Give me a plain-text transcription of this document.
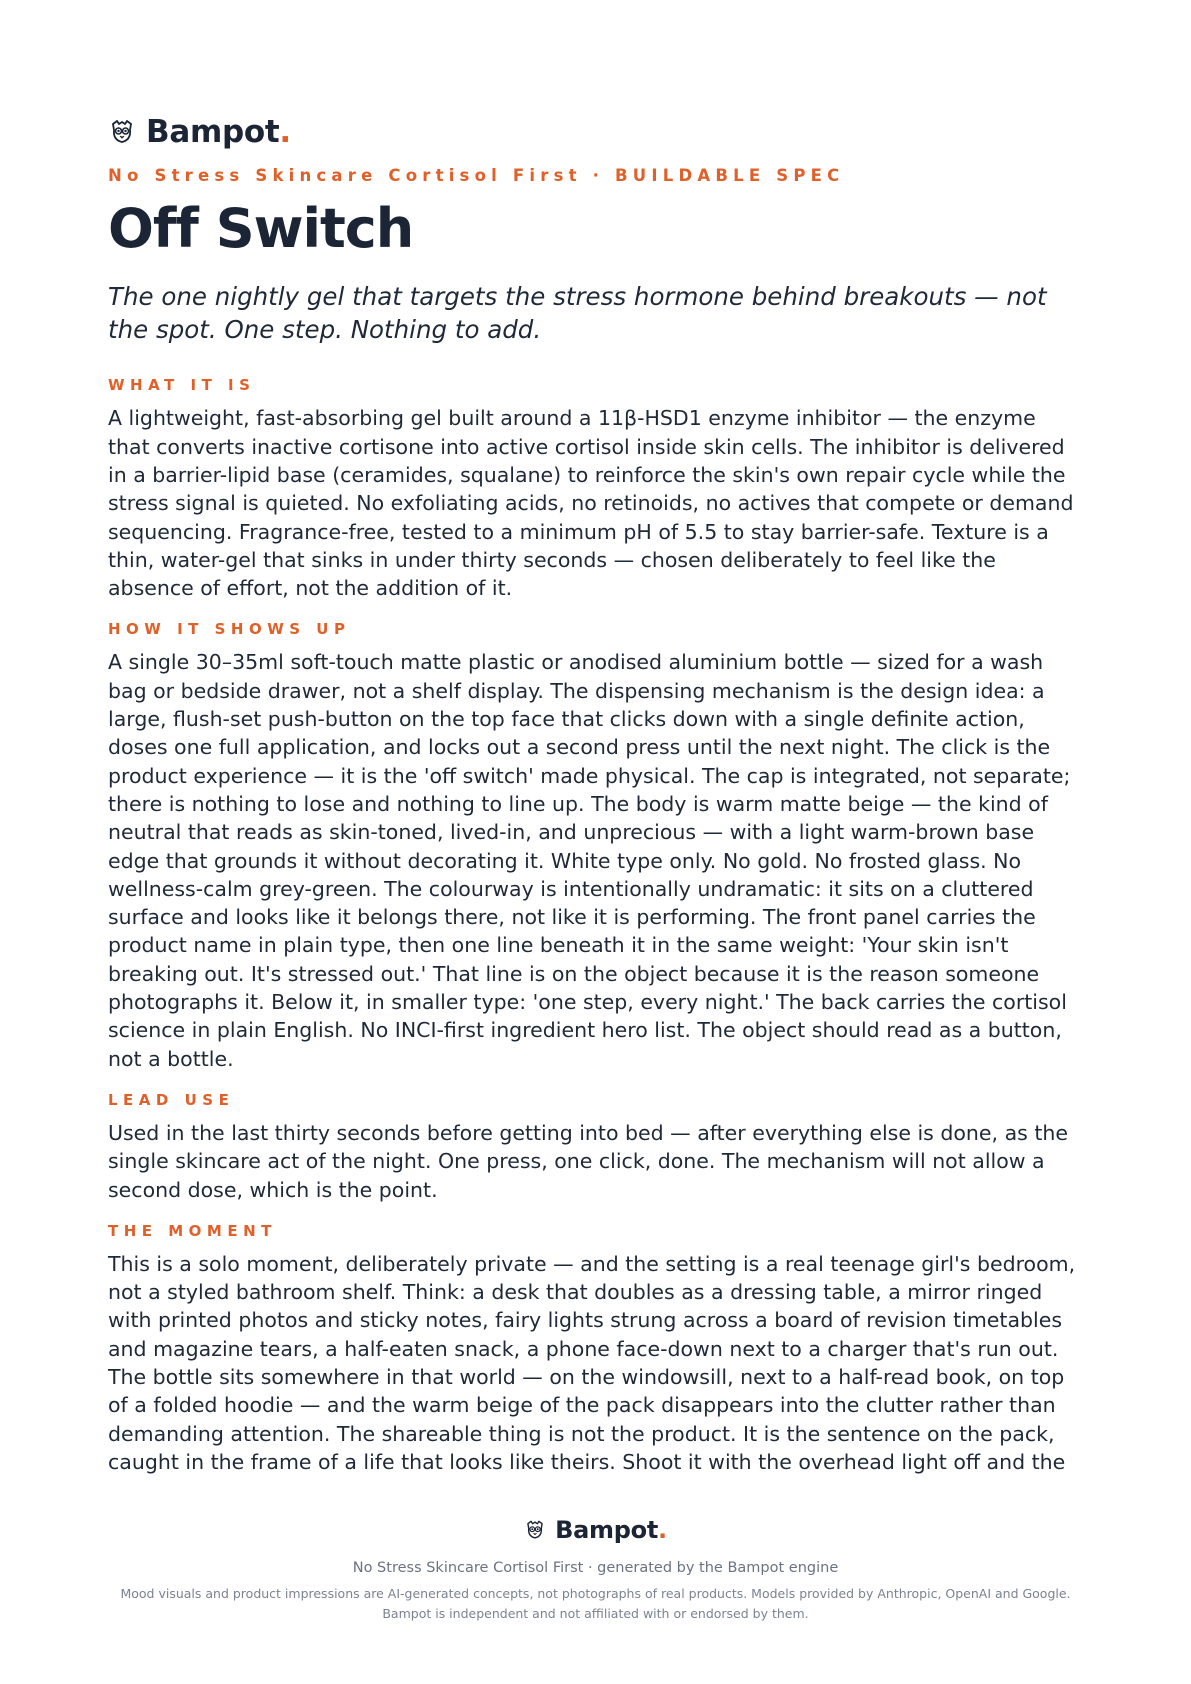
Bampot.
No Stress Skincare Cortisol First · BUILDABLE SPEC
Off Switch
The one nightly gel that targets the stress hormone behind breakouts — not the spot. One step. Nothing to add.
WHAT IT IS
A lightweight, fast-absorbing gel built around a 11β-HSD1 enzyme inhibitor — the enzyme that converts inactive cortisone into active cortisol inside skin cells. The inhibitor is delivered in a barrier-lipid base (ceramides, squalane) to reinforce the skin's own repair cycle while the stress signal is quieted. No exfoliating acids, no retinoids, no actives that compete or demand sequencing. Fragrance-free, tested to a minimum pH of 5.5 to stay barrier-safe. Texture is a thin, water-gel that sinks in under thirty seconds — chosen deliberately to feel like the absence of effort, not the addition of it.
HOW IT SHOWS UP
A single 30–35ml soft-touch matte plastic or anodised aluminium bottle — sized for a wash bag or bedside drawer, not a shelf display. The dispensing mechanism is the design idea: a large, flush-set push-button on the top face that clicks down with a single definite action, doses one full application, and locks out a second press until the next night. The click is the product experience — it is the 'off switch' made physical. The cap is integrated, not separate; there is nothing to lose and nothing to line up. The body is warm matte beige — the kind of neutral that reads as skin-toned, lived-in, and unprecious — with a light warm-brown base edge that grounds it without decorating it. White type only. No gold. No frosted glass. No wellness-calm grey-green. The colourway is intentionally undramatic: it sits on a cluttered surface and looks like it belongs there, not like it is performing. The front panel carries the product name in plain type, then one line beneath it in the same weight: 'Your skin isn't breaking out. It's stressed out.' That line is on the object because it is the reason someone photographs it. Below it, in smaller type: 'one step, every night.' The back carries the cortisol science in plain English. No INCI-first ingredient hero list. The object should read as a button, not a bottle.
LEAD USE
Used in the last thirty seconds before getting into bed — after everything else is done, as the single skincare act of the night. One press, one click, done. The mechanism will not allow a second dose, which is the point.
THE MOMENT
This is a solo moment, deliberately private — and the setting is a real teenage girl's bedroom, not a styled bathroom shelf. Think: a desk that doubles as a dressing table, a mirror ringed with printed photos and sticky notes, fairy lights strung across a board of revision timetables and magazine tears, a half-eaten snack, a phone face-down next to a charger that's run out. The bottle sits somewhere in that world — on the windowsill, next to a half-read book, on top of a folded hoodie — and the warm beige of the pack disappears into the clutter rather than demanding attention. The shareable thing is not the product. It is the sentence on the pack, caught in the frame of a life that looks like theirs. Shoot it with the overhead light off and the
Bampot.
No Stress Skincare Cortisol First · generated by the Bampot engine
Mood visuals and product impressions are AI-generated concepts, not photographs of real products. Models provided by Anthropic, OpenAI and Google. Bampot is independent and not affiliated with or endorsed by them.
